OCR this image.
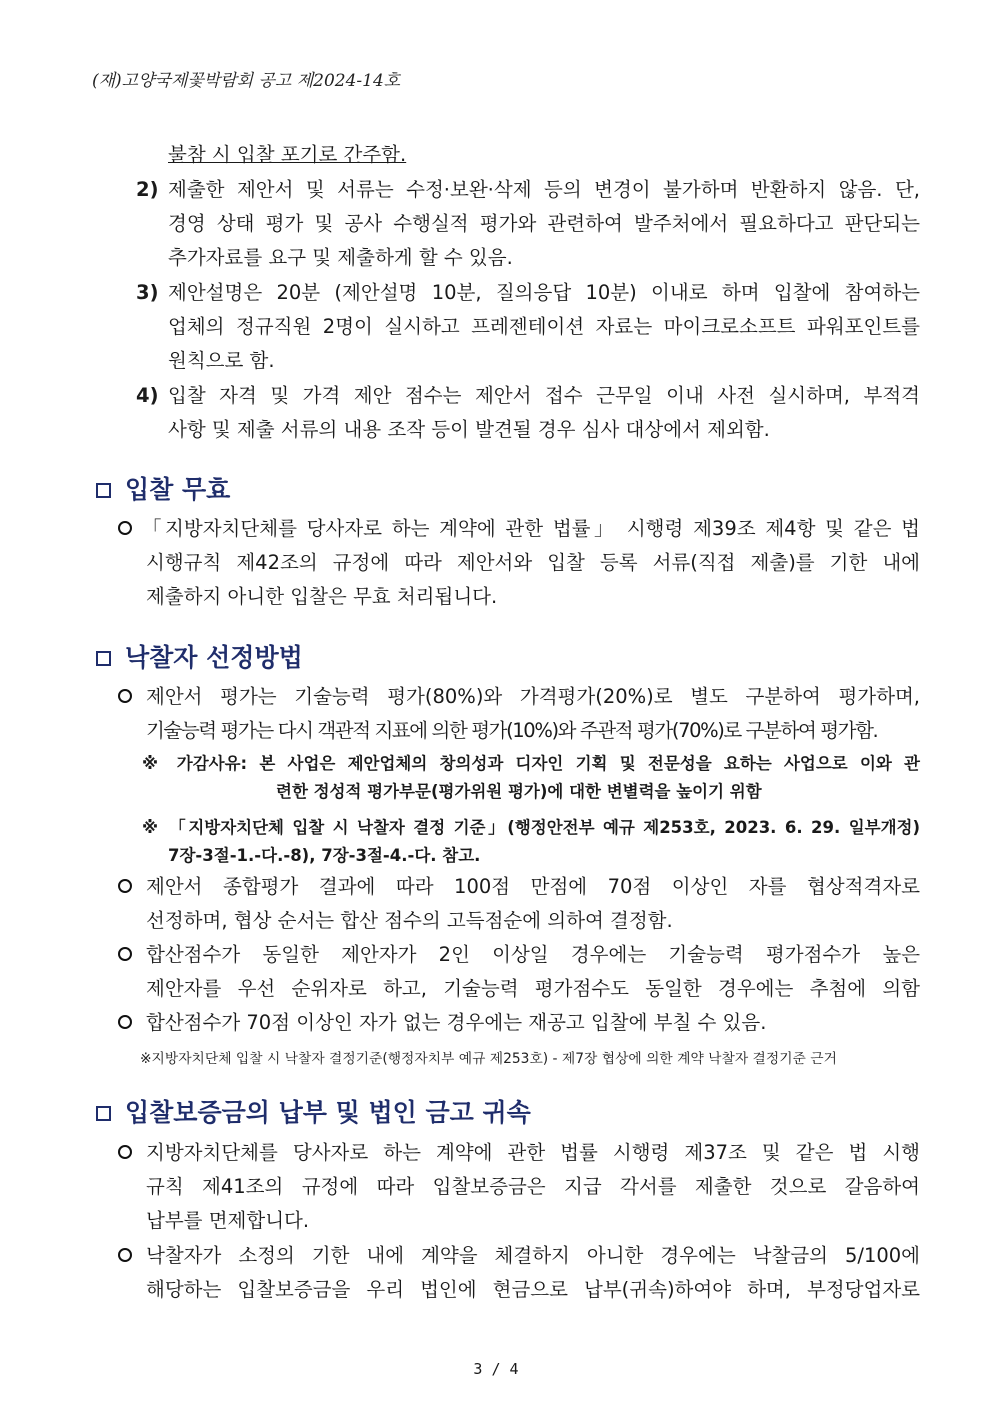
(재)고양국제꽃박람회 공고 제2024-14호
불참 시 입찰 포기로 간주함.
2) 제출한 제안서 및 서류는 수정·보완·삭제 등의 변경이 불가하며 반환하지 않음. 단,
경영 상태 평가 및 공사 수행실적 평가와 관련하여 발주처에서 필요하다고 판단되는
추가자료를 요구 및 제출하게 할 수 있음.
3) 제안설명은 20분 (제안설명 10분, 질의응답 10분) 이내로 하며 입찰에 참여하는
업체의 정규직원 2명이 실시하고 프레젠테이션 자료는 마이크로소프트 파워포인트를
원칙으로 함.
4) 입찰 자격 및 가격 제안 점수는 제안서 접수 근무일 이내 사전 실시하며, 부적격
사항 및 제출 서류의 내용 조작 등이 발견될 경우 심사 대상에서 제외함.
입찰 무효
「지방자치단체를 당사자로 하는 계약에 관한 법률」 시행령 제39조 제4항 및 같은 법
시행규칙 제42조의 규정에 따라 제안서와 입찰 등록 서류(직접 제출)를 기한 내에
제출하지 아니한 입찰은 무효 처리됩니다.
낙찰자 선정방법
제안서 평가는 기술능력 평가(80%)와 가격평가(20%)로 별도 구분하여 평가하며,
기술능력 평가는 다시 객관적 지표에 의한 평가(10%)와 주관적 평가(70%)로 구분하여 평가함.
※ 가감사유: 본 사업은 제안업체의 창의성과 디자인 기획 및 전문성을 요하는 사업으로 이와 관
련한 정성적 평가부문(평가위원 평가)에 대한 변별력을 높이기 위함
※ 「지방자치단체 입찰 시 낙찰자 결정 기준」(행정안전부 예규 제253호, 2023. 6. 29. 일부개정)
7장-3절-1.-다.-8), 7장-3절-4.-다. 참고.
제안서 종합평가 결과에 따라 100점 만점에 70점 이상인 자를 협상적격자로
선정하며, 협상 순서는 합산 점수의 고득점순에 의하여 결정함.
합산점수가 동일한 제안자가 2인 이상일 경우에는 기술능력 평가점수가 높은
제안자를 우선 순위자로 하고, 기술능력 평가점수도 동일한 경우에는 추첨에 의함
합산점수가 70점 이상인 자가 없는 경우에는 재공고 입찰에 부칠 수 있음.
※지방자치단체 입찰 시 낙찰자 결정기준(행정자치부 예규 제253호) - 제7장 협상에 의한 계약 낙찰자 결정기준 근거
입찰보증금의 납부 및 법인 금고 귀속
지방자치단체를 당사자로 하는 계약에 관한 법률 시행령 제37조 및 같은 법 시행
규칙 제41조의 규정에 따라 입찰보증금은 지급 각서를 제출한 것으로 갈음하여
납부를 면제합니다.
낙찰자가 소정의 기한 내에 계약을 체결하지 아니한 경우에는 낙찰금의 5/100에
해당하는 입찰보증금을 우리 법인에 현금으로 납부(귀속)하여야 하며, 부정당업자로
3 / 4
